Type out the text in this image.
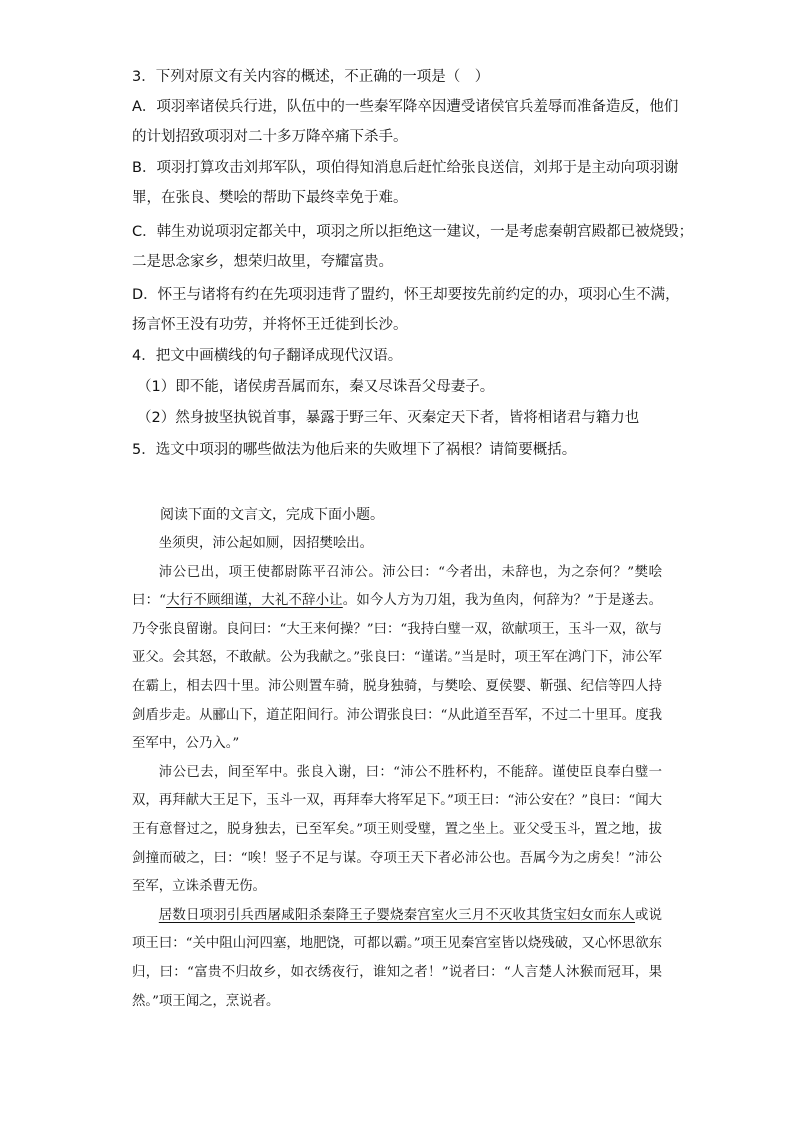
3．下列对原文有关内容的概述，不正确的一项是（　）
A．项羽率诸侯兵行进，队伍中的一些秦军降卒因遭受诸侯官兵羞辱而准备造反，他们
的计划招致项羽对二十多万降卒痛下杀手。
B．项羽打算攻击刘邦军队，项伯得知消息后赶忙给张良送信，刘邦于是主动向项羽谢
罪，在张良、樊哙的帮助下最终幸免于难。
C．韩生劝说项羽定都关中，项羽之所以拒绝这一建议，一是考虑秦朝宫殿都已被烧毁；
二是思念家乡，想荣归故里，夸耀富贵。
D．怀王与诸将有约在先项羽违背了盟约，怀王却要按先前约定的办，项羽心生不满，
扬言怀王没有功劳，并将怀王迁徙到长沙。
4．把文中画横线的句子翻译成现代汉语。
（1）即不能，诸侯虏吾属而东，秦又尽诛吾父母妻子。
（2）然身披坚执锐首事，暴露于野三年、灭秦定天下者，皆将相诸君与籍力也
5．选文中项羽的哪些做法为他后来的失败埋下了祸根？请简要概括。
阅读下面的文言文，完成下面小题。

坐须臾，沛公起如厕，因招樊哙出。

沛公已出，项王使都尉陈平召沛公。沛公曰：“今者出，未辞也，为之奈何？”樊哙曰：“大行不顾细谨，大礼不辞小让。如今人方为刀俎，我为鱼肉，何辞为？”于是遂去。乃令张良留谢。良问曰：“大王来何操？”曰：“我持白璧一双，欲献项王，玉斗一双，欲与亚父。会其怒，不敢献。公为我献之。”张良曰：“谨诺。”当是时，项王军在鸿门下，沛公军在霸上，相去四十里。沛公则置车骑，脱身独骑，与樊哙、夏侯婴、靳强、纪信等四人持剑盾步走。从郦山下，道芷阳间行。沛公谓张良曰：“从此道至吾军，不过二十里耳。度我至军中，公乃入。”

沛公已去，间至军中。张良入谢，曰：“沛公不胜杯杓，不能辞。谨使臣良奉白璧一双，再拜献大王足下，玉斗一双，再拜奉大将军足下。”项王曰：“沛公安在？”良曰：“闻大王有意督过之，脱身独去，已至军矣。”项王则受璧，置之坐上。亚父受玉斗，置之地，拔剑撞而破之，曰：“唉！竖子不足与谋。夺项王天下者必沛公也。吾属今为之虏矣！”沛公至军，立诛杀曹无伤。

居数日项羽引兵西屠咸阳杀秦降王子婴烧秦宫室火三月不灭收其货宝妇女而东人或说项王曰：“关中阻山河四塞，地肥饶，可都以霸。”项王见秦宫室皆以烧残破，又心怀思欲东归，曰：“富贵不归故乡，如衣绣夜行，谁知之者！”说者曰：“人言楚人沐猴而冠耳，果然。”项王闻之，烹说者。
